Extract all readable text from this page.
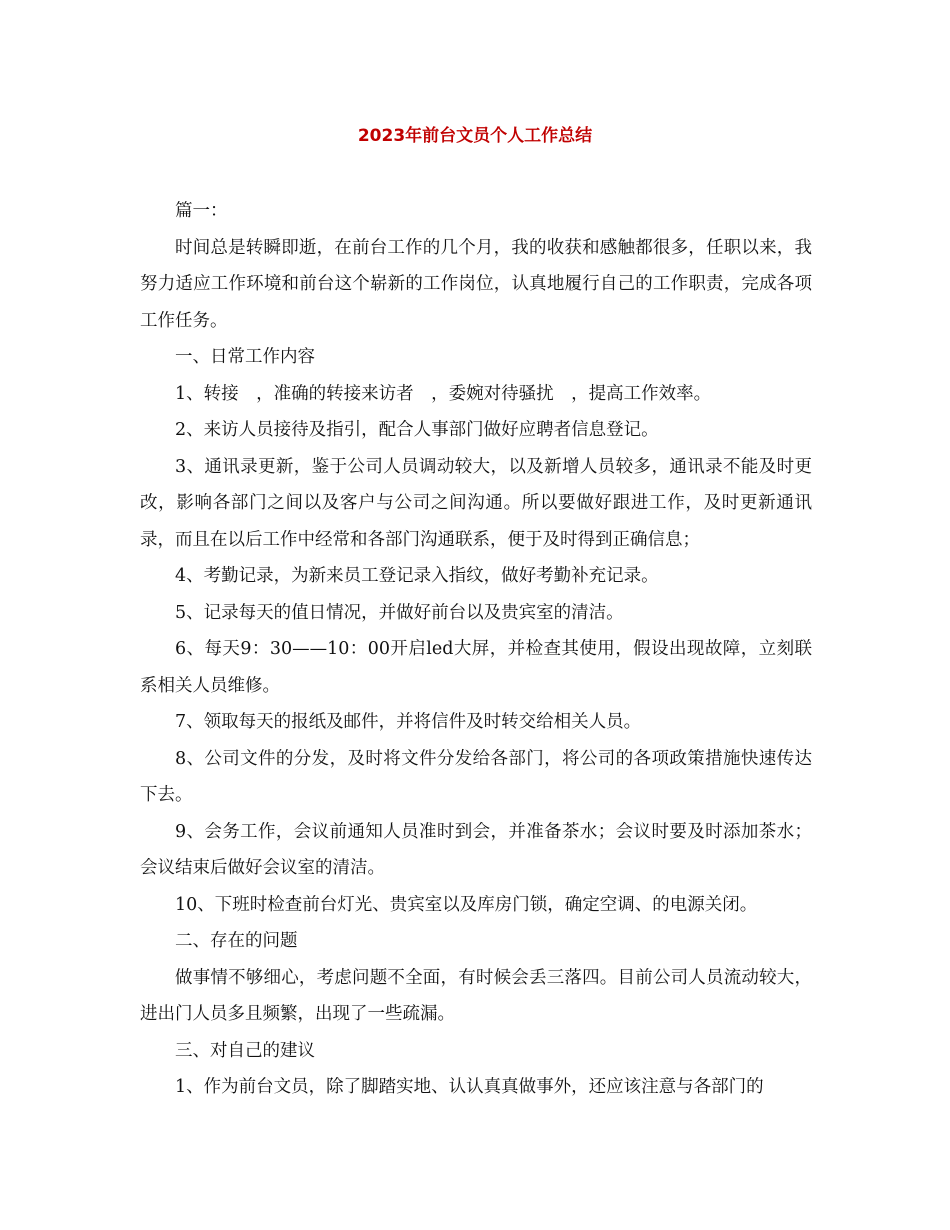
2023年前台文员个人工作总结

篇一：

时间总是转瞬即逝，在前台工作的几个月，我的收获和感触都很多，任职以来，我努力适应工作环境和前台这个崭新的工作岗位，认真地履行自己的工作职责，完成各项工作任务。

一、日常工作内容

1、转接　，准确的转接来访者　，委婉对待骚扰　，提高工作效率。

2、来访人员接待及指引，配合人事部门做好应聘者信息登记。

3、通讯录更新，鉴于公司人员调动较大，以及新增人员较多，通讯录不能及时更改，影响各部门之间以及客户与公司之间沟通。所以要做好跟进工作，及时更新通讯录，而且在以后工作中经常和各部门沟通联系，便于及时得到正确信息；

4、考勤记录，为新来员工登记录入指纹，做好考勤补充记录。

5、记录每天的值日情况，并做好前台以及贵宾室的清洁。

6、每天9：30——10：00开启led大屏，并检查其使用，假设出现故障，立刻联系相关人员维修。

7、领取每天的报纸及邮件，并将信件及时转交给相关人员。

8、公司文件的分发，及时将文件分发给各部门，将公司的各项政策措施快速传达下去。

9、会务工作，会议前通知人员准时到会，并准备茶水；会议时要及时添加茶水；会议结束后做好会议室的清洁。

10、下班时检查前台灯光、贵宾室以及库房门锁，确定空调、的电源关闭。

二、存在的问题

做事情不够细心，考虑问题不全面，有时候会丢三落四。目前公司人员流动较大，进出门人员多且频繁，出现了一些疏漏。

三、对自己的建议

1、作为前台文员，除了脚踏实地、认认真真做事外，还应该注意与各部门的
